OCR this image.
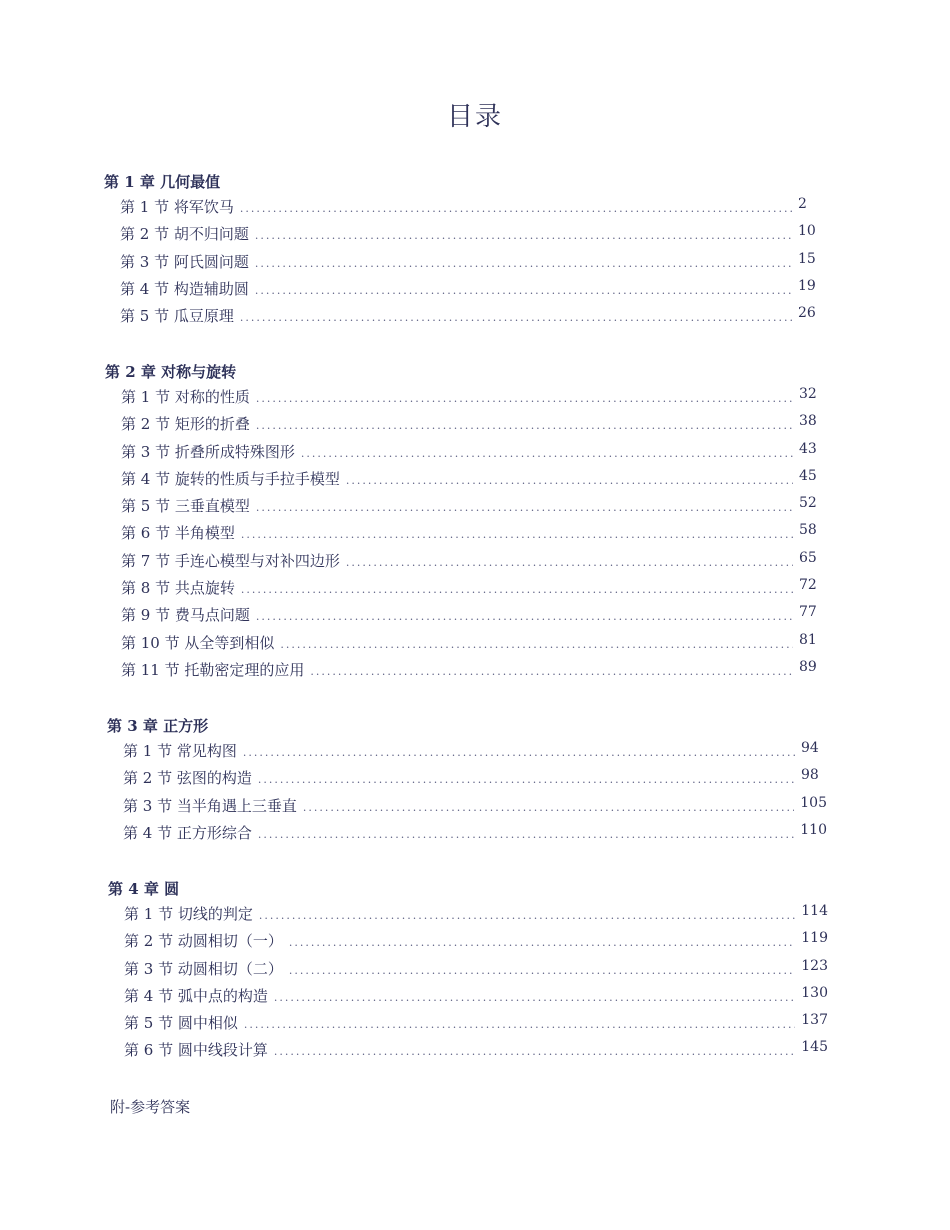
目录
第 1 章 几何最值
第 1 节 将军饮马 .....	2
第 2 节 胡不归问题 .....	10
第 3 节 阿氏圆问题 .....	15
第 4 节 构造辅助圆 .....	19
第 5 节 瓜豆原理 .....	26
第 2 章 对称与旋转
第 1 节 对称的性质 .....	32
第 2 节 矩形的折叠 .....	38
第 3 节 折叠所成特殊图形 .....	43
第 4 节 旋转的性质与手拉手模型 .....	45
第 5 节 三垂直模型 .....	52
第 6 节 半角模型 .....	58
第 7 节 手连心模型与对补四边形 .....	65
第 8 节 共点旋转 .....	72
第 9 节 费马点问题 .....	77
第 10 节 从全等到相似 .....	81
第 11 节 托勒密定理的应用 .....	89
第 3 章 正方形
第 1 节 常见构图 .....	94
第 2 节 弦图的构造 .....	98
第 3 节 当半角遇上三垂直 .....	105
第 4 节 正方形综合 .....	110
第 4 章 圆
第 1 节 切线的判定 .....	114
第 2 节 动圆相切（一） .....	119
第 3 节 动圆相切（二） .....	123
第 4 节 弧中点的构造 .....	130
第 5 节 圆中相似 .....	137
第 6 节 圆中线段计算 .....	145
附-参考答案
